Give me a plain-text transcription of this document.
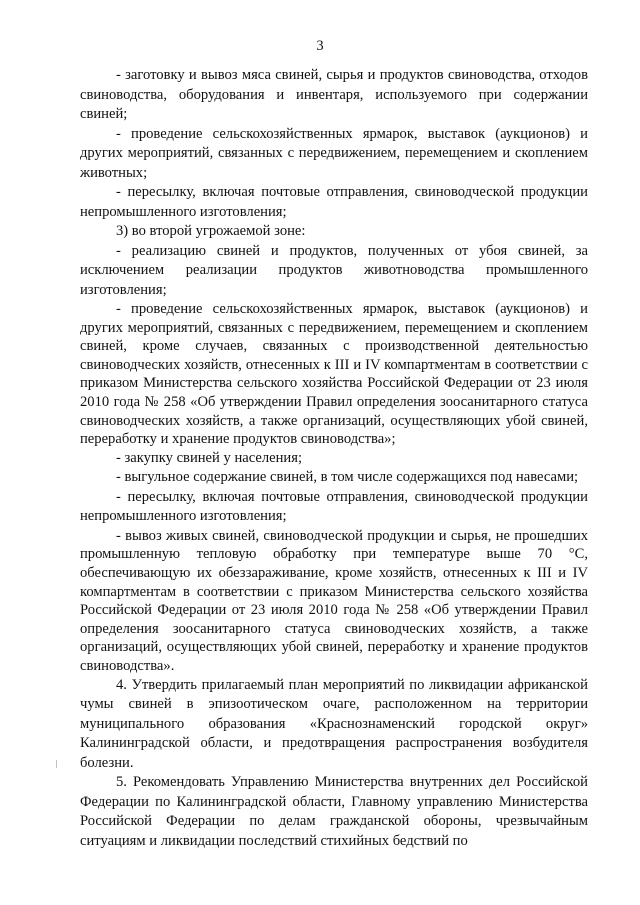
3

- заготовку и вывоз мяса свиней, сырья и продуктов свиноводства, отходов свиноводства, оборудования и инвентаря, используемого при содержании свиней;

- проведение сельскохозяйственных ярмарок, выставок (аукционов) и других мероприятий, связанных с передвижением, перемещением и скоплением животных;

- пересылку, включая почтовые отправления, свиноводческой продукции непромышленного изготовления;

3) во второй угрожаемой зоне:

- реализацию свиней и продуктов, полученных от убоя свиней, за исключением реализации продуктов животноводства промышленного изготовления;

- проведение сельскохозяйственных ярмарок, выставок (аукционов) и других мероприятий, связанных с передвижением, перемещением и скоплением свиней, кроме случаев, связанных с производственной деятельностью свиноводческих хозяйств, отнесенных к III и IV компартментам в соответствии с приказом Министерства сельского хозяйства Российской Федерации от 23 июля 2010 года № 258 «Об утверждении Правил определения зоосанитарного статуса свиноводческих хозяйств, а также организаций, осуществляющих убой свиней, переработку и хранение продуктов свиноводства»;

- закупку свиней у населения;

- выгульное содержание свиней, в том числе содержащихся под навесами;

- пересылку, включая почтовые отправления, свиноводческой продукции непромышленного изготовления;

- вывоз живых свиней, свиноводческой продукции и сырья, не прошедших промышленную тепловую обработку при температуре выше 70 °С, обеспечивающую их обеззараживание, кроме хозяйств, отнесенных к III и IV компартментам в соответствии с приказом Министерства сельского хозяйства Российской Федерации от 23 июля 2010 года № 258 «Об утверждении Правил определения зоосанитарного статуса свиноводческих хозяйств, а также организаций, осуществляющих убой свиней, переработку и хранение продуктов свиноводства».

4. Утвердить прилагаемый план мероприятий по ликвидации африканской чумы свиней в эпизоотическом очаге, расположенном на территории муниципального образования «Краснознаменский городской округ» Калининградской области, и предотвращения распространения возбудителя болезни.

5. Рекомендовать Управлению Министерства внутренних дел Российской Федерации по Калининградской области, Главному управлению Министерства Российской Федерации по делам гражданской обороны, чрезвычайным ситуациям и ликвидации последствий стихийных бедствий по
